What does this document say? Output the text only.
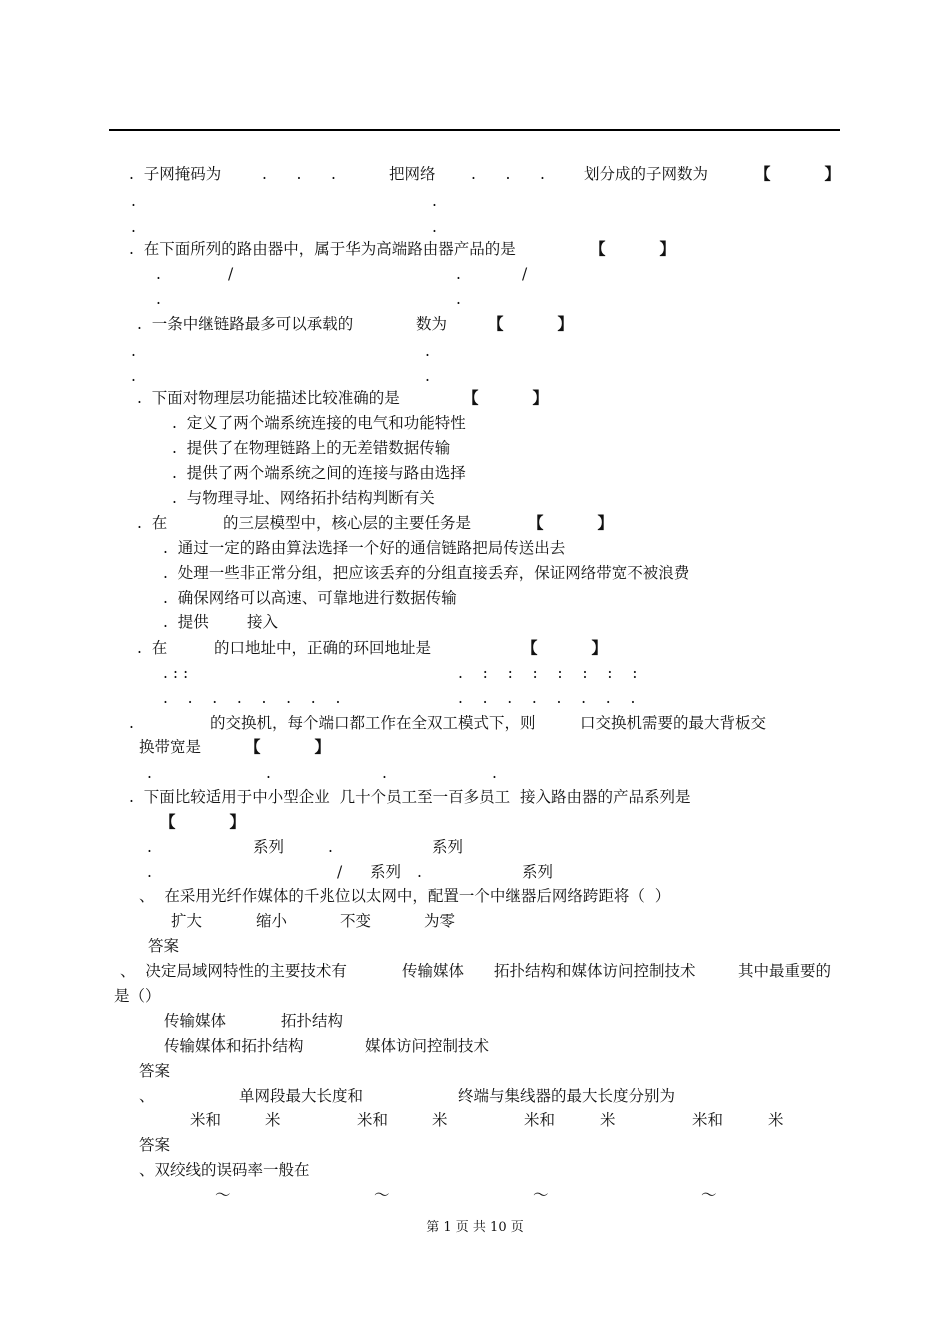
.  子网掩码为	.      .      .	把网络 .      .      .	划分成的子网数为	【          】
.	.
.	.
.  在下面所列的路由器中，属于华为高端路由器产品的是	【          】
.	/	.	/
.	.
.  一条中继链路最多可以承载的	数为	【          】
.	.
.	.
.  下面对物理层功能描述比较准确的是	【          】
.  定义了两个端系统连接的电气和功能特性
.  提供了在物理链路上的无差错数据传输
.  提供了两个端系统之间的连接与路由选择
.  与物理寻址、网络拓扑结构判断有关
.  在	的三层模型中，核心层的主要任务是	【          】
.  通过一定的路由算法选择一个好的通信链路把局传送出去
.  处理一些非正常分组，把应该丢弃的分组直接丢弃，保证网络带宽不被浪费
.  确保网络可以高速、可靠地进行数据传输
.  提供 接入
.  在	的口地址中，正确的环回地址是	【          】
. : :	.    :    :    :    :    :    :    :
.    .    .    .    .    .    .    .	.    .    .    .    .    .    .    .
.	的交换机，每个端口都工作在全双工模式下，则	口交换机需要的最大背板交
换带宽是	【          】
.	.	.	.
.  下面比较适用于中小型企业  几十个员工至一百多员工  接入路由器的产品系列是
【          】
.	系列	.	系列
.	/ 系列 .	系列
、  在采用光纤作媒体的千兆位以太网中，配置一个中继器后网络跨距将（  ）
扩大	缩小	不变	为零
答案
、  决定局域网特性的主要技术有	传输媒体 拓扑结构和媒体访问控制技术	其中最重要的
是（）
传输媒体	拓扑结构
传输媒体和拓扑结构	媒体访问控制技术
答案
、	单网段最大长度和	终端与集线器的最大长度分别为
米和	米	米和	米	米和	米	米和	米
答案
、双绞线的误码率一般在
～	～	～	～
第 1 页 共 10 页
